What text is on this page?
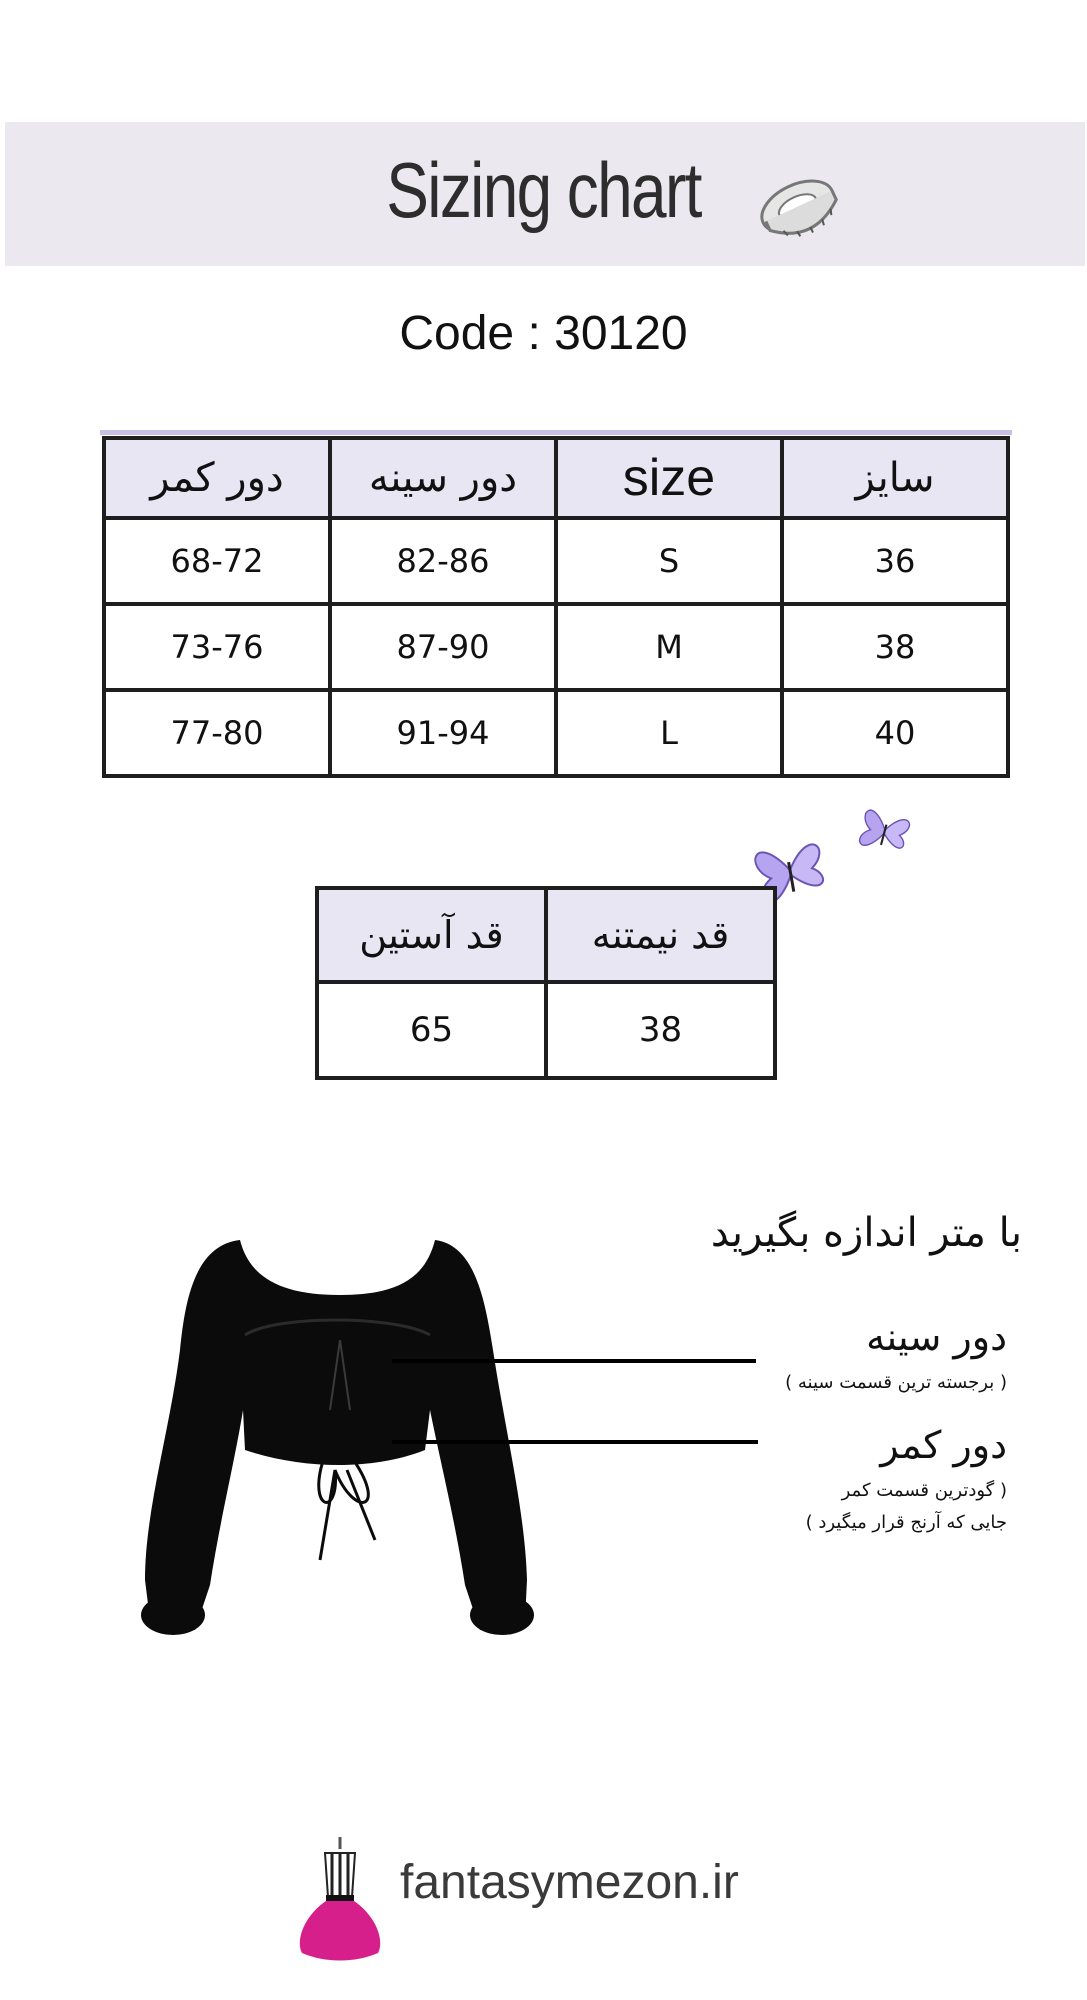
Sizing chart
Code : 30120
سایز	size	دور سینه	دور کمر
36	S	82-86	68-72
38	M	87-90	73-76
40	L	91-94	77-80
قد نیمتنه	قد آستین
38	65
با متر اندازه بگیرید
دور سینه
( برجسته ترین قسمت سینه )
دور کمر
( گودترین قسمت کمر
جایی که آرنج قرار میگیرد )
fantasymezon.ir
